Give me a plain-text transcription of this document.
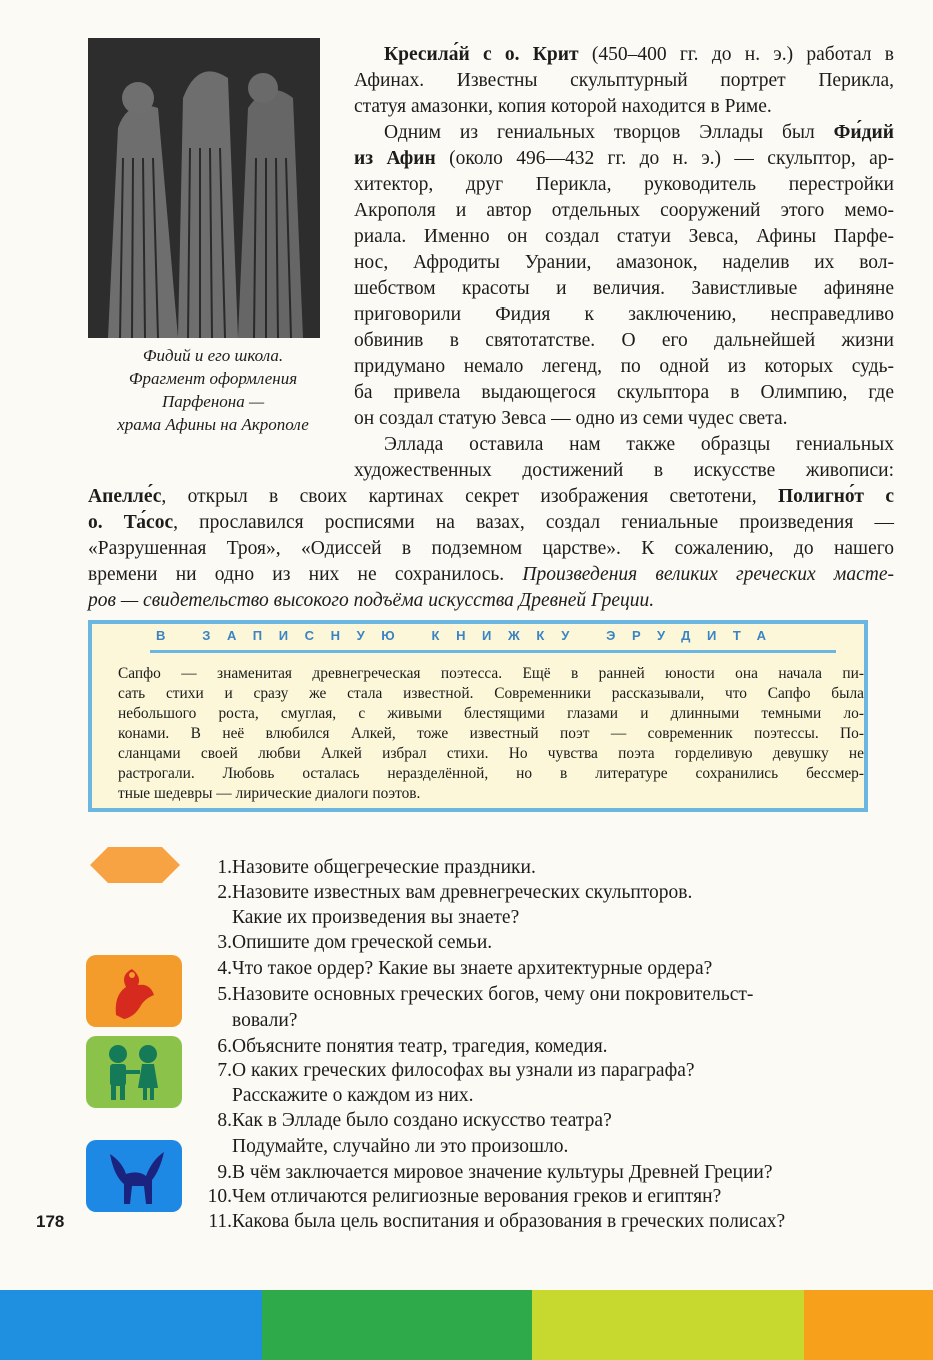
Фидий и его школа.
Фрагмент оформления
Парфенона —
храма Афины на Акрополе
Кресила́й с о. Крит (450–400 гг. до н. э.) работал в
Афинах. Известны скульптурный портрет Перикла,
статуя амазонки, копия которой находится в Риме.
Одним из гениальных творцов Эллады был Фи́дий
из Афин (около 496—432 гг. до н. э.) — скульптор, ар-
хитектор, друг Перикла, руководитель перестройки
Акрополя и автор отдельных сооружений этого мемо-
риала. Именно он создал статуи Зевса, Афины Парфе-
нос, Афродиты Урании, амазонок, наделив их вол-
шебством красоты и величия. Завистливые афиняне
приговорили Фидия к заключению, несправедливо
обвинив в святотатстве. О его дальнейшей жизни
придумано немало легенд, по одной из которых судь-
ба привела выдающегося скульптора в Олимпию, где
он создал статую Зевса — одно из семи чудес света.
Эллада оставила нам также образцы гениальных
художественных достижений в искусстве живописи:
Апелле́с, открыл в своих картинах секрет изображения светотени, Полигно́т с
о. Та́сос, прославился росписями на вазах, создал гениальные произведения —
«Разрушенная Троя», «Одиссей в подземном царстве». К сожалению, до нашего
времени ни одно из них не сохранилось. Произведения великих греческих масте-
ров — свидетельство высокого подъёма искусства Древней Греции.
В ЗАПИСНУЮ КНИЖКУ ЭРУДИТА
Сапфо — знаменитая древнегреческая поэтесса. Ещё в ранней юности она начала пи-
сать стихи и сразу же стала известной. Современники рассказывали, что Сапфо была
небольшого роста, смуглая, с живыми блестящими глазами и длинными темными ло-
конами. В неё влюбился Алкей, тоже известный поэт — современник поэтессы. По-
сланцами своей любви Алкей избрал стихи. Но чувства поэта горделивую девушку не
растрогали. Любовь осталась неразделённой, но в литературе сохранились бессмер-
тные шедевры — лирические диалоги поэтов.
1.Назовите общегреческие праздники.
2.Назовите известных вам древнегреческих скульпторов.
Какие их произведения вы знаете?
3.Опишите дом греческой семьи.
4.Что такое ордер? Какие вы знаете архитектурные ордера?
5.Назовите основных греческих богов, чему они покровительст-
вовали?
6.Объясните понятия театр, трагедия, комедия.
7.О каких греческих философах вы узнали из параграфа?
Расскажите о каждом из них.
8.Как в Элладе было создано искусство театра?
Подумайте, случайно ли это произошло.
9.В чём заключается мировое значение культуры Древней Греции?
10.Чем отличаются религиозные верования греков и египтян?
11.Какова была цель воспитания и образования в греческих полисах?
178
